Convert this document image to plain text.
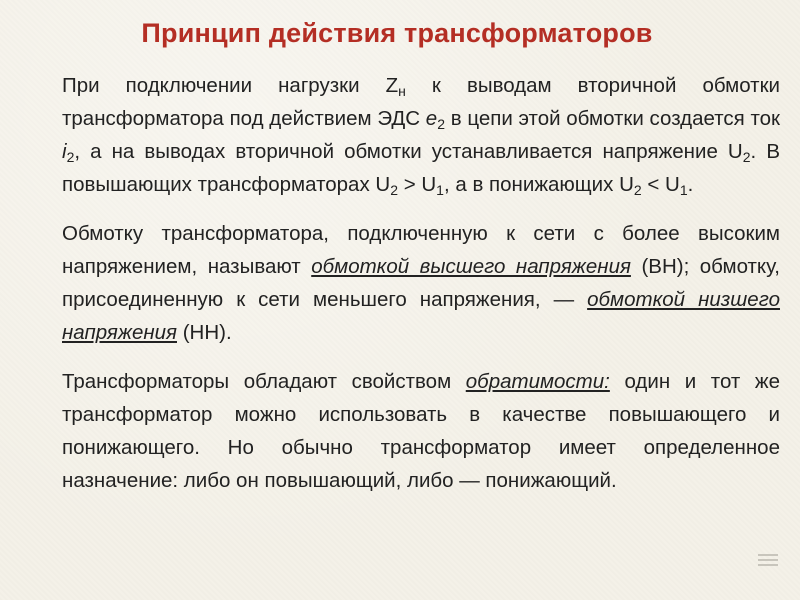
Принцип действия трансформаторов

При подключении нагрузки $Z_н$ к выводам вторичной обмотки трансформатора под действием ЭДС $e_2$ в цепи этой обмотки создается ток $i_2$, а на выводах вторичной обмотки устанавливается напряжение $U_2$. В повышающих трансформаторах $U_2 > U_1$, а в понижающих $U_2 < U_1$.

Обмотку трансформатора, подключенную к сети с более высоким напряжением, называют обмоткой высшего напряжения (ВН); обмотку, присоединенную к сети меньшего напряжения, — обмоткой низшего напряжения (НН).

Трансформаторы обладают свойством обратимости: один и тот же трансформатор можно использовать в качестве повышающего и понижающего. Но обычно трансформатор имеет определенное назначение: либо он повышающий, либо — понижающий.
